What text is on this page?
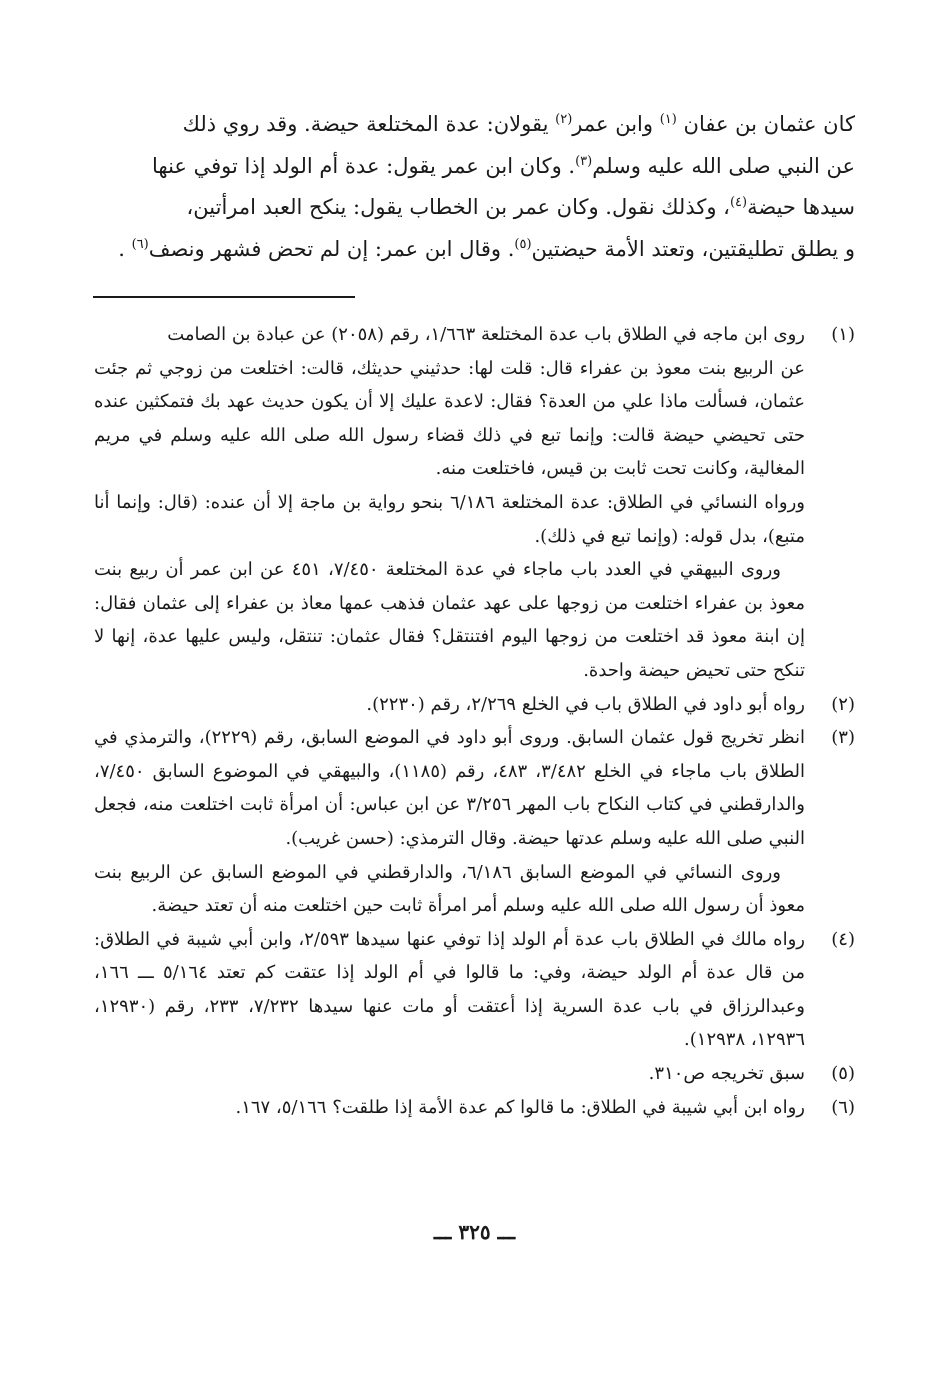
كان عثمان بن عفان $^{(١)}$ وابن عمر$^{(٢)}$ يقولان: عدة المختلعة حيضة. وقد روي ذلك

عن النبي صلى الله عليه وسلم$^{(٣)}$. وكان ابن عمر يقول: عدة أم الولد إذا توفي عنها

سيدها حيضة$^{(٤)}$، وكذلك نقول. وكان عمر بن الخطاب يقول: ينكح العبد امرأتين،

و يطلق تطليقتين، وتعتد الأمة حيضتين$^{(٥)}$. وقال ابن عمر: إن لم تحض فشهر ونصف$^{(٦)}$ .

(١)

روى ابن ماجه في الطلاق باب عدة المختلعة ١/٦٦٣، رقم (٢٠٥٨) عن عبادة بن الصامت

عن الربيع بنت معوذ بن عفراء قال: قلت لها: حدثيني حديثك، قالت: اختلعت من زوجي ثم جئت عثمان، فسألت ماذا علي من العدة؟ فقال: لاعدة عليك إلا أن يكون حديث عهد بك فتمكثين عنده حتى تحيضي حيضة قالت: وإنما تبع في ذلك قضاء رسول الله صلى الله عليه وسلم في مريم المغالية، وكانت تحت ثابت بن قيس، فاختلعت منه.

ورواه النسائي في الطلاق: عدة المختلعة ٦/١٨٦ بنحو رواية بن ماجة إلا أن عنده: (قال: وإنما أنا متبع)، بدل قوله: (وإنما تبع في ذلك).

وروى البيهقي في العدد باب ماجاء في عدة المختلعة ٧/٤٥٠، ٤٥١ عن ابن عمر أن ربيع بنت معوذ بن عفراء اختلعت من زوجها على عهد عثمان فذهب عمها معاذ بن عفراء إلى عثمان فقال: إن ابنة معوذ قد اختلعت من زوجها اليوم افتنتقل؟ فقال عثمان: تنتقل، وليس عليها عدة، إنها لا تنكح حتى تحيض حيضة واحدة.

(٢)

رواه أبو داود في الطلاق باب في الخلع ٢/٢٦٩، رقم (٢٢٣٠).

(٣)

انظر تخريج قول عثمان السابق. وروى أبو داود في الموضع السابق، رقم (٢٢٢٩)، والترمذي في الطلاق باب ماجاء في الخلع ٣/٤٨٢، ٤٨٣، رقم (١١٨٥)، والبيهقي في الموضوع السابق ٧/٤٥٠، والدارقطني في كتاب النكاح باب المهر ٣/٢٥٦ عن ابن عباس: أن امرأة ثابت اختلعت منه، فجعل النبي صلى الله عليه وسلم عدتها حيضة. وقال الترمذي: (حسن غريب).

وروى النسائي في الموضع السابق ٦/١٨٦، والدارقطني في الموضع السابق عن الربيع بنت معوذ أن رسول الله صلى الله عليه وسلم أمر امرأة ثابت حين اختلعت منه أن تعتد حيضة.

(٤)

رواه مالك في الطلاق باب عدة أم الولد إذا توفي عنها سيدها ٢/٥٩٣، وابن أبي شيبة في الطلاق: من قال عدة أم الولد حيضة، وفي: ما قالوا في أم الولد إذا عتقت كم تعتد ٥/١٦٤ ـــ ١٦٦، وعبدالرزاق في باب عدة السرية إذا أعتقت أو مات عنها سيدها ٧/٢٣٢، ٢٣٣، رقم (١٢٩٣٠، ١٢٩٣٦، ١٢٩٣٨).

(٥)

سبق تخريجه ص٣١٠.

(٦)

رواه ابن أبي شيبة في الطلاق: ما قالوا كم عدة الأمة إذا طلقت؟ ٥/١٦٦، ١٦٧.

ـــ ٣٢٥ ـــ
